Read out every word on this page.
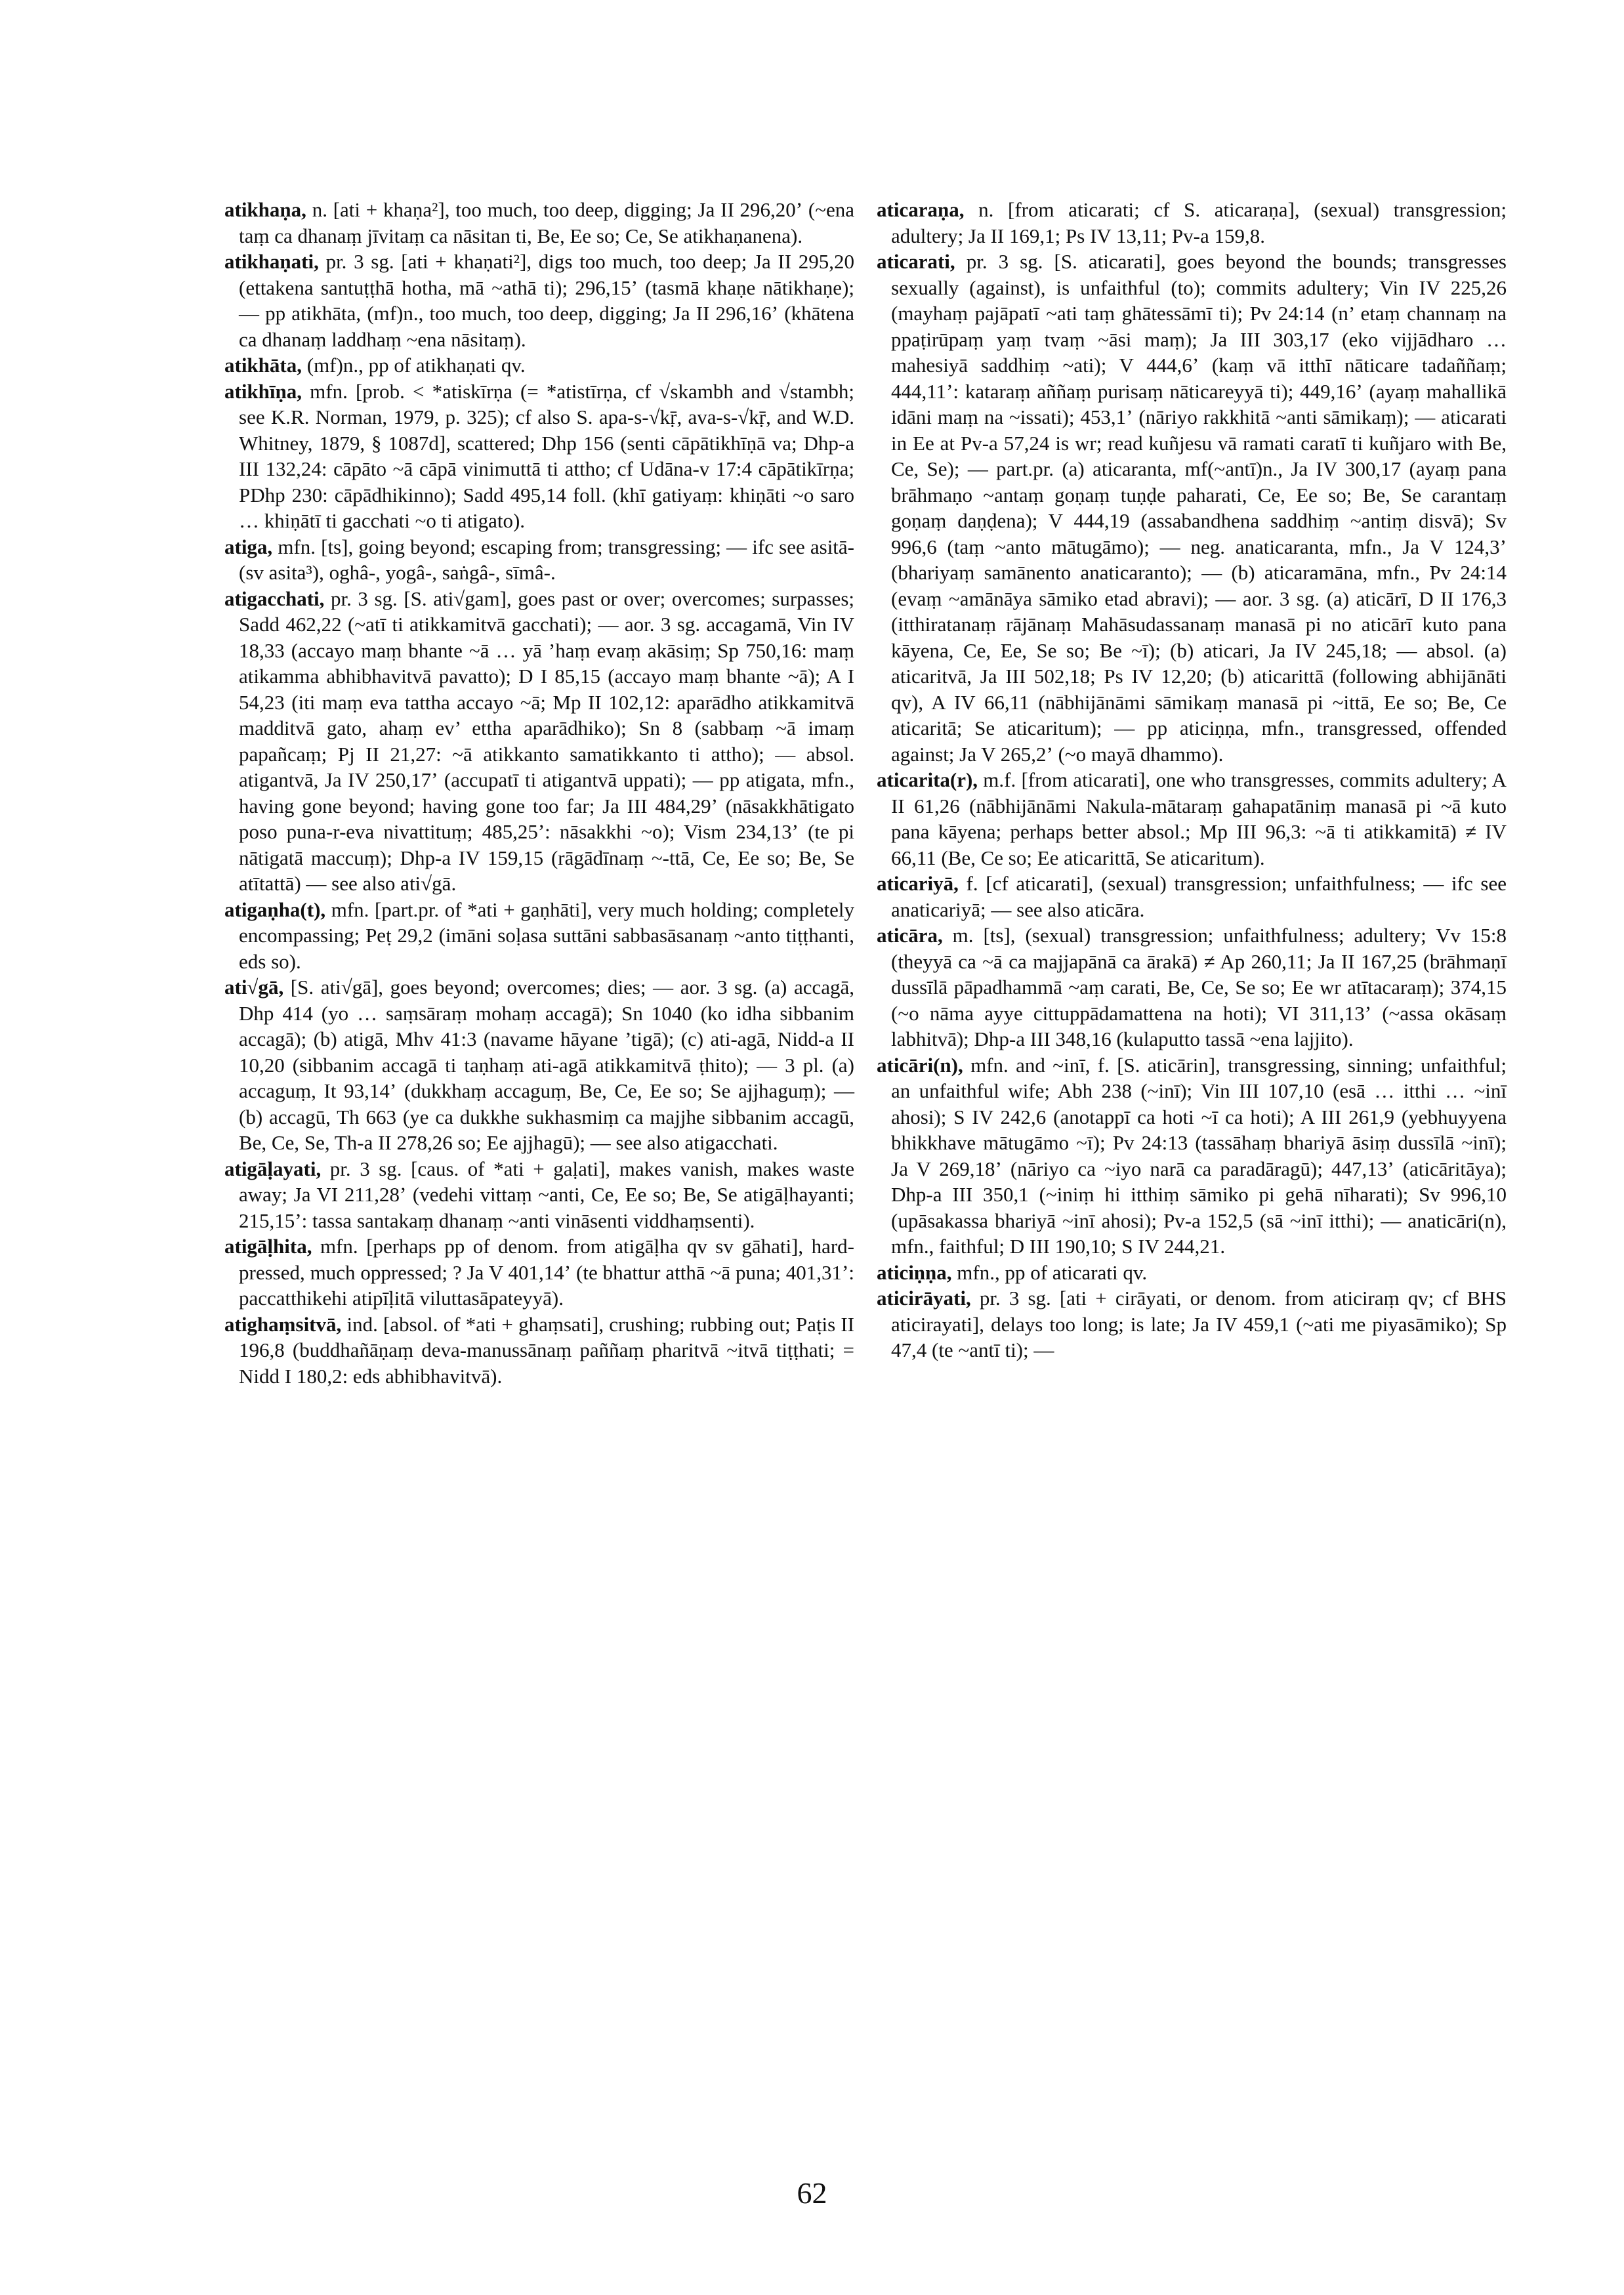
atikhaṇa, n. [ati + khaṇa²], too much, too deep, digging; Ja II 296,20ʼ (~ena taṃ ca dhanaṃ jīvitaṃ ca nāsitan ti, Be, Ee so; Ce, Se atikhaṇanena).

atikhaṇati, pr. 3 sg. [ati + khaṇati²], digs too much, too deep; Ja II 295,20 (ettakena santuṭṭhā hotha, mā ~athā ti); 296,15ʼ (tasmā khaṇe nātikhaṇe); — pp atikhāta, (mf)n., too much, too deep, digging; Ja II 296,16ʼ (khātena ca dhanaṃ laddhaṃ ~ena nāsitaṃ).

atikhāta, (mf)n., pp of atikhaṇati qv.

atikhīṇa, mfn. [prob. < *atiskīrṇa (= *atistīrṇa, cf √skambh and √stambh; see K.R. Norman, 1979, p. 325); cf also S. apa-s-√kṝ, ava-s-√kṝ, and W.D. Whitney, 1879, § 1087d], scattered; Dhp 156 (senti cāpātikhīṇā va; Dhp-a III 132,24: cāpāto ~ā cāpā vinimuttā ti attho; cf Udāna-v 17:4 cāpātikīrṇa; PDhp 230: cāpādhikinno); Sadd 495,14 foll. (khī gatiyaṃ: khiṇāti ~o saro … khiṇātī ti gacchati ~o ti atigato).

atiga, mfn. [ts], going beyond; escaping from; transgressing; — ifc see asitā- (sv asita³), oghâ-, yogâ-, saṅgâ-, sīmâ-.

atigacchati, pr. 3 sg. [S. ati√gam], goes past or over; overcomes; surpasses; Sadd 462,22 (~atī ti atikkamitvā gacchati); — aor. 3 sg. accagamā, Vin IV 18,33 (accayo maṃ bhante ~ā … yā ’haṃ evaṃ akāsiṃ; Sp 750,16: maṃ atikamma abhibhavitvā pavatto); D I 85,15 (accayo maṃ bhante ~ā); A I 54,23 (iti maṃ eva tattha accayo ~ā; Mp II 102,12: aparādho atikkamitvā madditvā gato, ahaṃ ev’ ettha aparādhiko); Sn 8 (sabbaṃ ~ā imaṃ papañcaṃ; Pj II 21,27: ~ā atikkanto samatikkanto ti attho); — absol. atigantvā, Ja IV 250,17ʼ (accupatī ti atigantvā uppati); — pp atigata, mfn., having gone beyond; having gone too far; Ja III 484,29ʼ (nāsakkhātigato poso puna-r-eva nivattituṃ; 485,25ʼ: nāsakkhi ~o); Vism 234,13ʼ (te pi nātigatā maccuṃ); Dhp-a IV 159,15 (rāgādīnaṃ ~-ttā, Ce, Ee so; Be, Se atītattā) — see also ati√gā.

atigaṇha(t), mfn. [part.pr. of *ati + gaṇhāti], very much holding; completely encompassing; Peṭ 29,2 (imāni soḷasa suttāni sabbasāsanaṃ ~anto tiṭṭhanti, eds so).

ati√gā, [S. ati√gā], goes beyond; overcomes; dies; — aor. 3 sg. (a) accagā, Dhp 414 (yo … saṃsāraṃ mohaṃ accagā); Sn 1040 (ko idha sibbanim accagā); (b) atigā, Mhv 41:3 (navame hāyane ’tigā); (c) ati-agā, Nidd-a II 10,20 (sibbanim accagā ti taṇhaṃ ati-agā atikkamitvā ṭhito); — 3 pl. (a) accaguṃ, It 93,14ʼ (dukkhaṃ accaguṃ, Be, Ce, Ee so; Se ajjhaguṃ); — (b) accagū, Th 663 (ye ca dukkhe sukhasmiṃ ca majjhe sibbanim accagū, Be, Ce, Se, Th-a II 278,26 so; Ee ajjhagū); — see also atigacchati.

atigāḷayati, pr. 3 sg. [caus. of *ati + gaḷati], makes vanish, makes waste away; Ja VI 211,28ʼ (vedehi vittaṃ ~anti, Ce, Ee so; Be, Se atigāḷhayanti; 215,15ʼ: tassa santakaṃ dhanaṃ ~anti vināsenti viddhaṃsenti).

atigāḷhita, mfn. [perhaps pp of denom. from atigāḷha qv sv gāhati], hard-pressed, much oppressed; ? Ja V 401,14ʼ (te bhattur atthā ~ā puna; 401,31ʼ: paccatthikehi atipīḷitā viluttasāpateyyā).

atighaṃsitvā, ind. [absol. of *ati + ghaṃsati], crushing; rubbing out; Paṭis II 196,8 (buddhañāṇaṃ deva-manussānaṃ paññaṃ pharitvā ~itvā tiṭṭhati; = Nidd I 180,2: eds abhibhavitvā).

aticaraṇa, n. [from aticarati; cf S. aticaraṇa], (sexual) transgression; adultery; Ja II 169,1; Ps IV 13,11; Pv-a 159,8.

aticarati, pr. 3 sg. [S. aticarati], goes beyond the bounds; transgresses sexually (against), is unfaithful (to); commits adultery; Vin IV 225,26 (mayhaṃ pajāpatī ~ati taṃ ghātessāmī ti); Pv 24:14 (n’ etaṃ channaṃ na ppaṭirūpaṃ yaṃ tvaṃ ~āsi maṃ); Ja III 303,17 (eko vijjādharo … mahesiyā saddhiṃ ~ati); V 444,6ʼ (kaṃ vā itthī nāticare tadaññaṃ; 444,11ʼ: kataraṃ aññaṃ purisaṃ nāticareyyā ti); 449,16ʼ (ayaṃ mahallikā idāni maṃ na ~issati); 453,1ʼ (nāriyo rakkhitā ~anti sāmikaṃ); — aticarati in Ee at Pv-a 57,24 is wr; read kuñjesu vā ramati caratī ti kuñjaro with Be, Ce, Se); — part.pr. (a) aticaranta, mf(~antī)n., Ja IV 300,17 (ayaṃ pana brāhmaṇo ~antaṃ goṇaṃ tuṇḍe paharati, Ce, Ee so; Be, Se carantaṃ goṇaṃ daṇḍena); V 444,19 (assabandhena saddhiṃ ~antiṃ disvā); Sv 996,6 (taṃ ~anto mātugāmo); — neg. anaticaranta, mfn., Ja V 124,3ʼ (bhariyaṃ samānento anaticaranto); — (b) aticaramāna, mfn., Pv 24:14 (evaṃ ~amānāya sāmiko etad abravi); — aor. 3 sg. (a) aticārī, D II 176,3 (itthiratanaṃ rājānaṃ Mahāsudassanaṃ manasā pi no aticārī kuto pana kāyena, Ce, Ee, Se so; Be ~ī); (b) aticari, Ja IV 245,18; — absol. (a) aticaritvā, Ja III 502,18; Ps IV 12,20; (b) aticarittā (following abhijānāti qv), A IV 66,11 (nābhijānāmi sāmikaṃ manasā pi ~ittā, Ee so; Be, Ce aticaritā; Se aticaritum); — pp aticiṇṇa, mfn., transgressed, offended against; Ja V 265,2ʼ (~o mayā dhammo).

aticarita(r), m.f. [from aticarati], one who transgresses, commits adultery; A II 61,26 (nābhijānāmi Nakula-mātaraṃ gahapatāniṃ manasā pi ~ā kuto pana kāyena; perhaps better absol.; Mp III 96,3: ~ā ti atikkamitā) ≠ IV 66,11 (Be, Ce so; Ee aticarittā, Se aticaritum).

aticariyā, f. [cf aticarati], (sexual) transgression; unfaithfulness; — ifc see anaticariyā; — see also aticāra.

aticāra, m. [ts], (sexual) transgression; unfaithfulness; adultery; Vv 15:8 (theyyā ca ~ā ca majjapānā ca ārakā) ≠ Ap 260,11; Ja II 167,25 (brāhmaṇī dussīlā pāpadhammā ~aṃ carati, Be, Ce, Se so; Ee wr atītacaraṃ); 374,15 (~o nāma ayye cittuppādamattena na hoti); VI 311,13ʼ (~assa okāsaṃ labhitvā); Dhp-a III 348,16 (kulaputto tassā ~ena lajjito).

aticāri(n), mfn. and ~inī, f. [S. aticārin], transgressing, sinning; unfaithful; an unfaithful wife; Abh 238 (~inī); Vin III 107,10 (esā … itthi … ~inī ahosi); S IV 242,6 (anotappī ca hoti ~ī ca hoti); A III 261,9 (yebhuyyena bhikkhave mātugāmo ~ī); Pv 24:13 (tassāhaṃ bhariyā āsiṃ dussīlā ~inī); Ja V 269,18ʼ (nāriyo ca ~iyo narā ca paradāragū); 447,13ʼ (aticāritāya); Dhp-a III 350,1 (~iniṃ hi itthiṃ sāmiko pi gehā nīharati); Sv 996,10 (upāsakassa bhariyā ~inī ahosi); Pv-a 152,5 (sā ~inī itthi); — anaticāri(n), mfn., faithful; D III 190,10; S IV 244,21.

aticiṇṇa, mfn., pp of aticarati qv.

aticirāyati, pr. 3 sg. [ati + cirāyati, or denom. from aticiraṃ qv; cf BHS aticirayati], delays too long; is late; Ja IV 459,1 (~ati me piyasāmiko); Sp 47,4 (te ~antī ti); —

62
